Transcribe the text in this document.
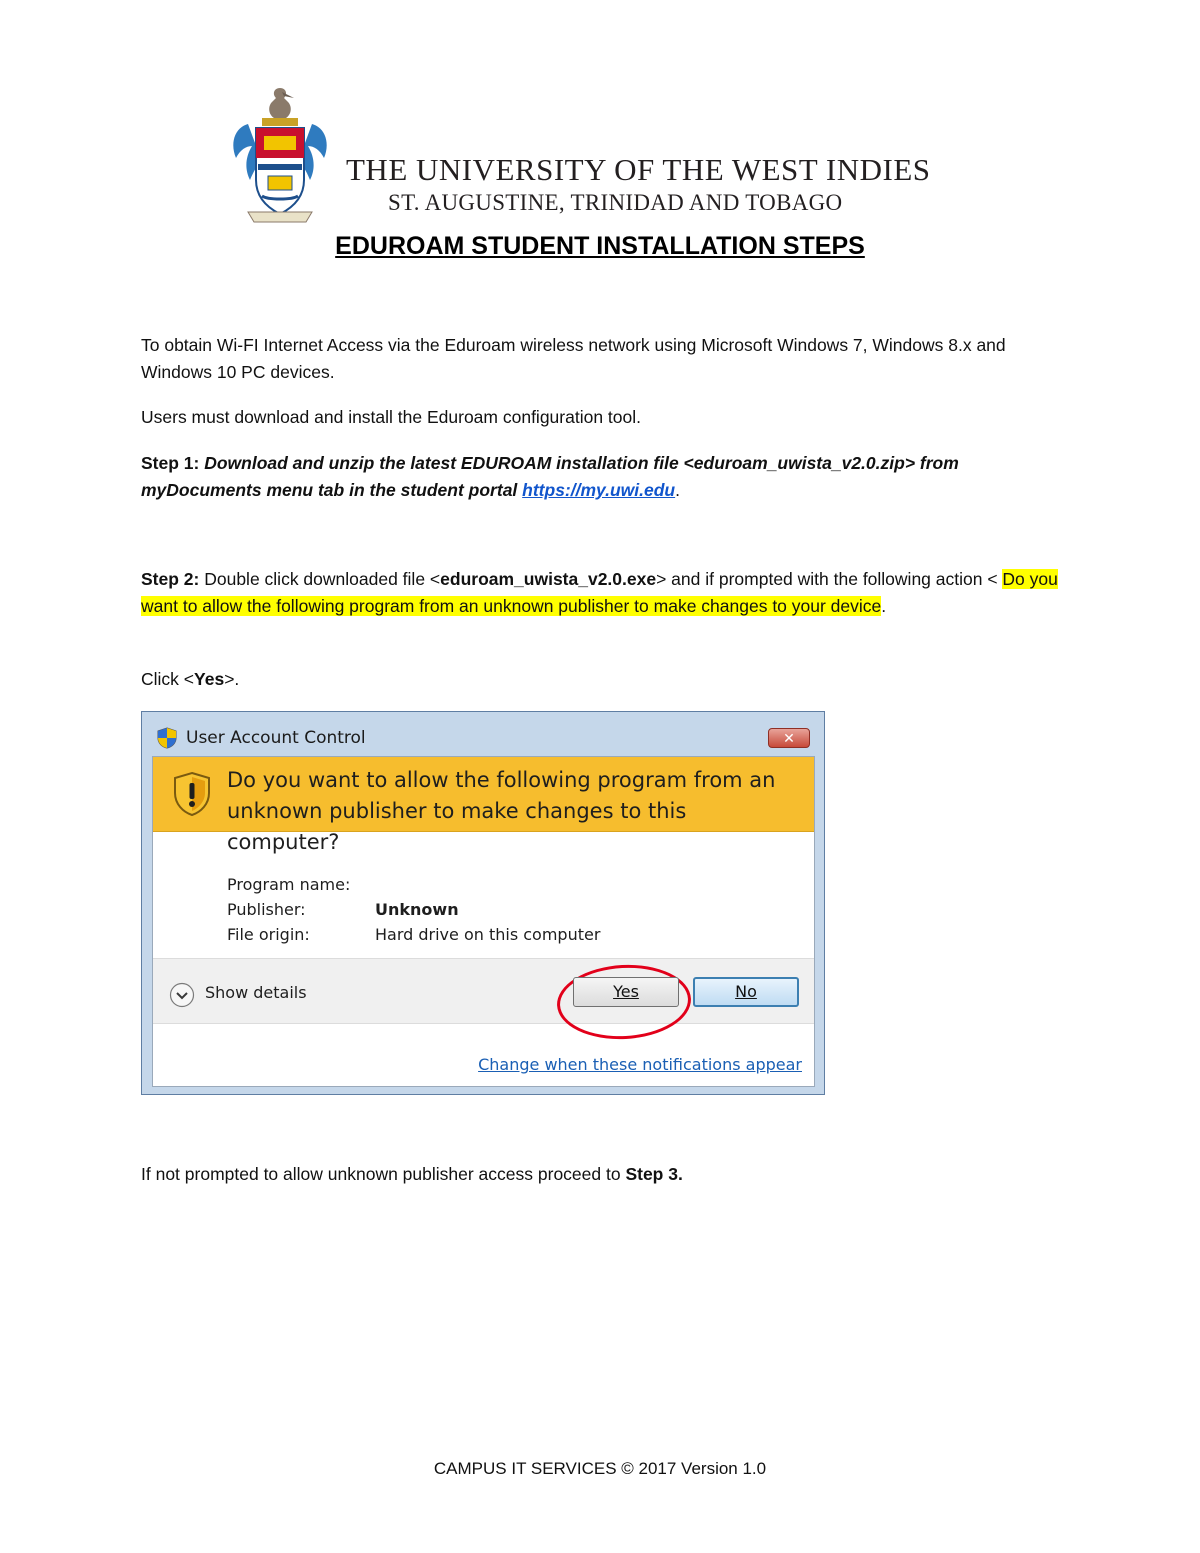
THE UNIVERSITY OF THE WEST INDIES
ST. AUGUSTINE, TRINIDAD AND TOBAGO
EDUROAM STUDENT INSTALLATION STEPS
To obtain Wi-FI Internet Access via the Eduroam wireless network using Microsoft Windows 7, Windows 8.x and Windows 10 PC devices.
Users must download and install the Eduroam configuration tool.
Step 1: Download and unzip the latest EDUROAM installation file <eduroam_uwista_v2.0.zip> from myDocuments menu tab in the student portal https://my.uwi.edu.
Step 2: Double click downloaded file <eduroam_uwista_v2.0.exe> and if prompted with the following action < Do you want to allow the following program from an unknown publisher to make changes to your device.
Click <Yes>.
User Account Control	✕
Do you want to allow the following program from an unknown publisher to make changes to this computer?
Program name:
Publisher:	Unknown
File origin:	Hard drive on this computer
Show details	Yes	No
Change when these notifications appear
If not prompted to allow unknown publisher access proceed to Step 3.
CAMPUS IT SERVICES © 2017 Version 1.0
